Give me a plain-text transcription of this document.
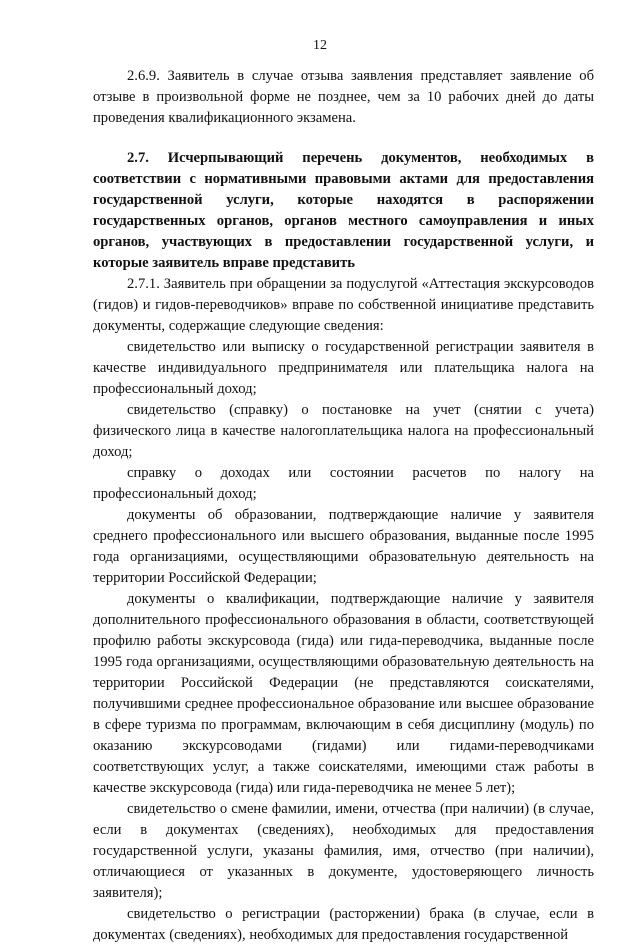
12

2.6.9. Заявитель в случае отзыва заявления представляет заявление об отзыве в произвольной форме не позднее, чем за 10 рабочих дней до даты проведения квалификационного экзамена.

2.7. Исчерпывающий перечень документов, необходимых в соответствии с нормативными правовыми актами для предоставления государственной услуги, которые находятся в распоряжении государственных органов, органов местного самоуправления и иных органов, участвующих в предоставлении государственной услуги, и которые заявитель вправе представить

2.7.1. Заявитель при обращении за подуслугой «Аттестация экскурсоводов (гидов) и гидов-переводчиков» вправе по собственной инициативе представить документы, содержащие следующие сведения:

свидетельство или выписку о государственной регистрации заявителя в качестве индивидуального предпринимателя или плательщика налога на профессиональный доход;

свидетельство (справку) о постановке на учет (снятии с учета) физического лица в качестве налогоплательщика налога на профессиональный доход;

справку о доходах или состоянии расчетов по налогу на профессиональный доход;

документы об образовании, подтверждающие наличие у заявителя среднего профессионального или высшего образования, выданные после 1995 года организациями, осуществляющими образовательную деятельность на территории Российской Федерации;

документы о квалификации, подтверждающие наличие у заявителя дополнительного профессионального образования в области, соответствующей профилю работы экскурсовода (гида) или гида-переводчика, выданные после 1995 года организациями, осуществляющими образовательную деятельность на территории Российской Федерации (не представляются соискателями, получившими среднее профессиональное образование или высшее образование в сфере туризма по программам, включающим в себя дисциплину (модуль) по оказанию экскурсоводами (гидами) или гидами-переводчиками соответствующих услуг, а также соискателями, имеющими стаж работы в качестве экскурсовода (гида) или гида-переводчика не менее 5 лет);

свидетельство о смене фамилии, имени, отчества (при наличии) (в случае, если в документах (сведениях), необходимых для предоставления государственной услуги, указаны фамилия, имя, отчество (при наличии), отличающиеся от указанных в документе, удостоверяющего личность заявителя);

свидетельство о регистрации (расторжении) брака (в случае, если в документах (сведениях), необходимых для предоставления государственной
